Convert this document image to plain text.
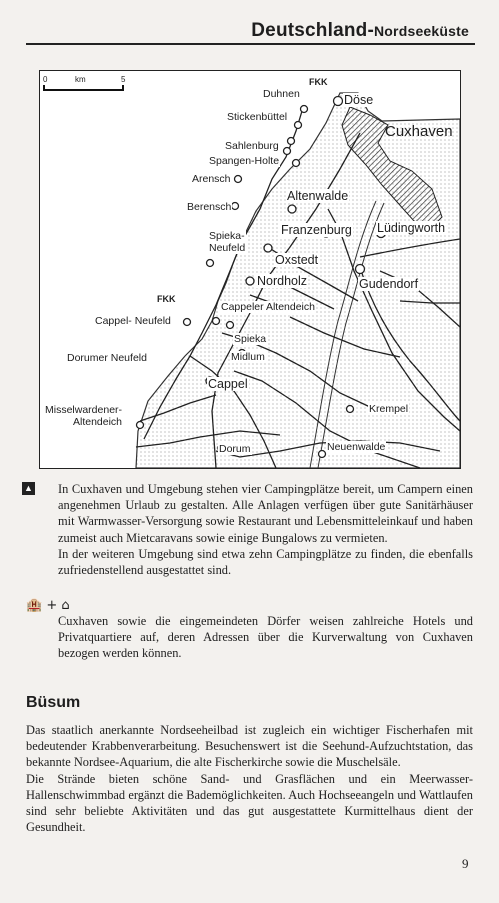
Deutschland-Nordseeküste
0	km	5	FKK
FKK
Duhnen	Döse
Stickenbüttel
Cuxhaven
Sahlenburg
Spangen-Holte
Arensch
Altenwalde
Berensch
Franzenburg Lüdingworth
Spieka-
Neufeld
Oxstedt
Nordholz	Gudendorf
Cappeler Altendeich
Cappel- Neufeld
Spieka
Dorumer Neufeld	Midlum
Cappel
Misselwardener-
Altendeich
Krempel
Dorum	Neuenwalde
▲	In Cuxhaven und Umgebung stehen vier Campingplätze bereit, um Campern einen angenehmen Urlaub zu gestalten. Alle Anlagen verfügen über gute Sanitärhäuser mit Warmwasser-Versorgung sowie Restaurant und Lebensmitteleinkauf und haben zumeist auch Mietcaravans sowie einige Bungalows zu vermieten.

In der weiteren Umgebung sind etwa zehn Campingplätze zu finden, die ebenfalls zufriedenstellend ausgestattet sind.

🏨 + ⌂

Cuxhaven sowie die eingemeindeten Dörfer weisen zahlreiche Hotels und Privatquartiere auf, deren Adressen über die Kurverwaltung von Cuxhaven bezogen werden können.

Büsum

Das staatlich anerkannte Nordseeheilbad ist zugleich ein wichtiger Fischerhafen mit bedeutender Krabbenverarbeitung. Besuchenswert ist die Seehund-Aufzuchtstation, das bekannte Nordsee-Aquarium, die alte Fischerkirche sowie die Muschelsäle.

Die Strände bieten schöne Sand- und Grasflächen und ein Meerwasser-Hallenschwimmbad ergänzt die Bademöglichkeiten. Auch Hochseeangeln und Wattlaufen sind sehr beliebte Aktivitäten und das gut ausgestattete Kurmittelhaus dient der Gesundheit.

9
